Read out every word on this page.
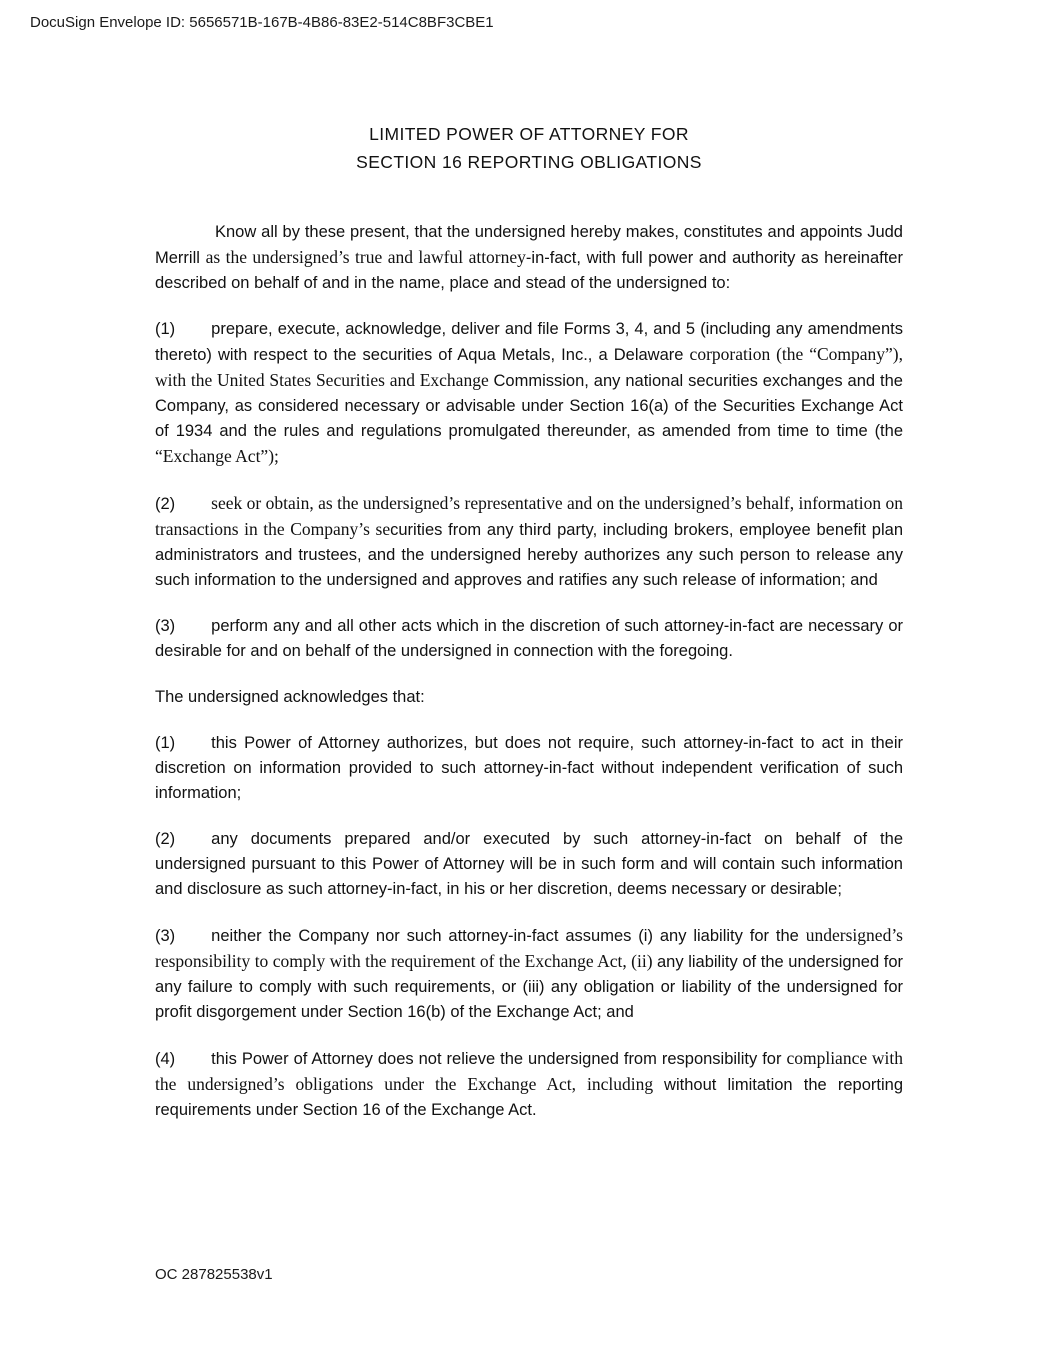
DocuSign Envelope ID: 5656571B-167B-4B86-83E2-514C8BF3CBE1
LIMITED POWER OF ATTORNEY FOR
SECTION 16 REPORTING OBLIGATIONS

Know all by these present, that the undersigned hereby makes, constitutes and appoints Judd Merrill as the undersigned’s true and lawful attorney-in-fact, with full power and authority as hereinafter described on behalf of and in the name, place and stead of the undersigned to:

(1) prepare, execute, acknowledge, deliver and file Forms 3, 4, and 5 (including any amendments thereto) with respect to the securities of Aqua Metals, Inc., a Delaware corporation (the “Company”), with the United States Securities and Exchange Commission, any national securities exchanges and the Company, as considered necessary or advisable under Section 16(a) of the Securities Exchange Act of 1934 and the rules and regulations promulgated thereunder, as amended from time to time (the “Exchange Act”);

(2) seek or obtain, as the undersigned’s representative and on the undersigned’s behalf, information on transactions in the Company’s securities from any third party, including brokers, employee benefit plan administrators and trustees, and the undersigned hereby authorizes any such person to release any such information to the undersigned and approves and ratifies any such release of information; and

(3) perform any and all other acts which in the discretion of such attorney-in-fact are necessary or desirable for and on behalf of the undersigned in connection with the foregoing.

The undersigned acknowledges that:

(1) this Power of Attorney authorizes, but does not require, such attorney-in-fact to act in their discretion on information provided to such attorney-in-fact without independent verification of such information;

(2) any documents prepared and/or executed by such attorney-in-fact on behalf of the undersigned pursuant to this Power of Attorney will be in such form and will contain such information and disclosure as such attorney-in-fact, in his or her discretion, deems necessary or desirable;

(3) neither the Company nor such attorney-in-fact assumes (i) any liability for the undersigned’s responsibility to comply with the requirement of the Exchange Act, (ii) any liability of the undersigned for any failure to comply with such requirements, or (iii) any obligation or liability of the undersigned for profit disgorgement under Section 16(b) of the Exchange Act; and

(4) this Power of Attorney does not relieve the undersigned from responsibility for compliance with the undersigned’s obligations under the Exchange Act, including without limitation the reporting requirements under Section 16 of the Exchange Act.

OC 287825538v1
